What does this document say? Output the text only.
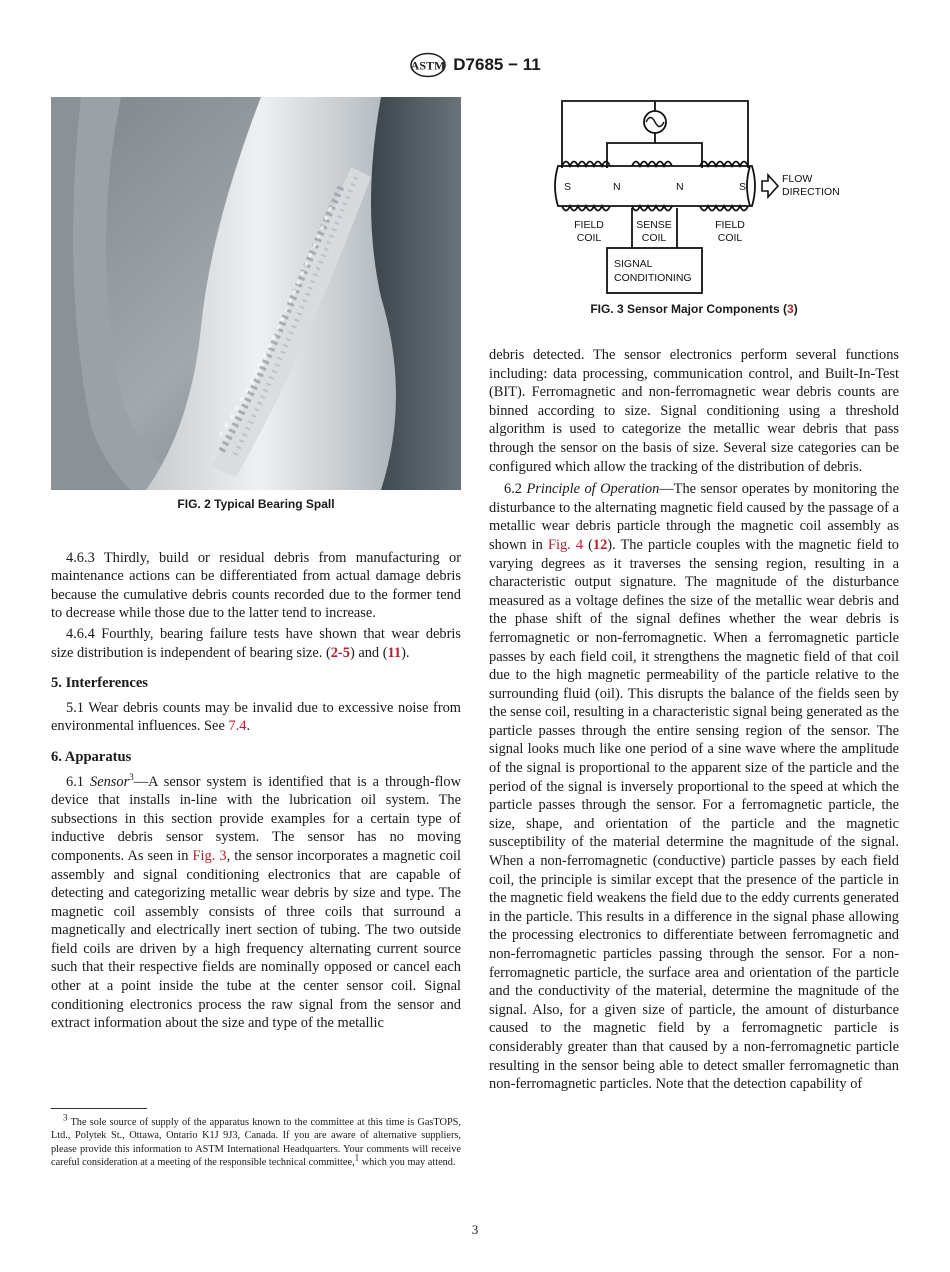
ASTM D7685 − 11
FIG. 2 Typical Bearing Spall

4.6.3 Thirdly, build or residual debris from manufacturing or maintenance actions can be differentiated from actual damage debris because the cumulative debris counts recorded due to the former tend to decrease while those due to the latter tend to increase.

4.6.4 Fourthly, bearing failure tests have shown that wear debris size distribution is independent of bearing size. (2-5) and (11).

5. Interferences

5.1 Wear debris counts may be invalid due to excessive noise from environmental influences. See 7.4.

6. Apparatus

6.1 Sensor$^3$—A sensor system is identified that is a through-flow device that installs in-line with the lubrication oil system. The subsections in this section provide examples for a certain type of inductive debris sensor system. The sensor has no moving components. As seen in Fig. 3, the sensor incorporates a magnetic coil assembly and signal conditioning electronics that are capable of detecting and categorizing metallic wear debris by size and type. The magnetic coil assembly consists of three coils that surround a magnetically and electrically inert section of tubing. The two outside field coils are driven by a high frequency alternating current source such that their respective fields are nominally opposed or cancel each other at a point inside the tube at the center sensor coil. Signal conditioning electronics process the raw signal from the sensor and extract information about the size and type of the metallic

$^3$ The sole source of supply of the apparatus known to the committee at this time is GasTOPS, Ltd., Polytek St., Ottawa, Ontario K1J 9J3, Canada. If you are aware of alternative suppliers, please provide this information to ASTM International Headquarters. Your comments will receive careful consideration at a meeting of the responsible technical committee,$^1$ which you may attend.
S	N	N	S
FLOW
DIRECTION
FIELD
COIL
SENSE
COIL
FIELD
COIL
SIGNAL
CONDITIONING
FIG. 3 Sensor Major Components (3)

debris detected. The sensor electronics perform several functions including: data processing, communication control, and Built-In-Test (BIT). Ferromagnetic and non-ferromagnetic wear debris counts are binned according to size. Signal conditioning using a threshold algorithm is used to categorize the metallic wear debris that pass through the sensor on the basis of size. Several size categories can be configured which allow the tracking of the distribution of debris.

6.2 Principle of Operation—The sensor operates by monitoring the disturbance to the alternating magnetic field caused by the passage of a metallic wear debris particle through the magnetic coil assembly as shown in Fig. 4 (12). The particle couples with the magnetic field to varying degrees as it traverses the sensing region, resulting in a characteristic output signature. The magnitude of the disturbance measured as a voltage defines the size of the metallic wear debris and the phase shift of the signal defines whether the wear debris is ferromagnetic or non-ferromagnetic. When a ferromagnetic particle passes by each field coil, it strengthens the magnetic field of that coil due to the high magnetic permeability of the particle relative to the surrounding fluid (oil). This disrupts the balance of the fields seen by the sense coil, resulting in a characteristic signal being generated as the particle passes through the entire sensing region of the sensor. The signal looks much like one period of a sine wave where the amplitude of the signal is proportional to the apparent size of the particle and the period of the signal is inversely proportional to the speed at which the particle passes through the sensor. For a ferromagnetic particle, the size, shape, and orientation of the particle and the magnetic susceptibility of the material determine the magnitude of the signal. When a non-ferromagnetic (conductive) particle passes by each field coil, the principle is similar except that the presence of the particle in the magnetic field weakens the field due to the eddy currents generated in the particle. This results in a difference in the signal phase allowing the processing electronics to differentiate between ferromagnetic and non-ferromagnetic particles passing through the sensor. For a non-ferromagnetic particle, the surface area and orientation of the particle and the conductivity of the material, determine the magnitude of the signal. Also, for a given size of particle, the amount of disturbance caused to the magnetic field by a ferromagnetic particle is considerably greater than that caused by a non-ferromagnetic particle resulting in the sensor being able to detect smaller ferromagnetic than non-ferromagnetic particles. Note that the detection capability of

3
